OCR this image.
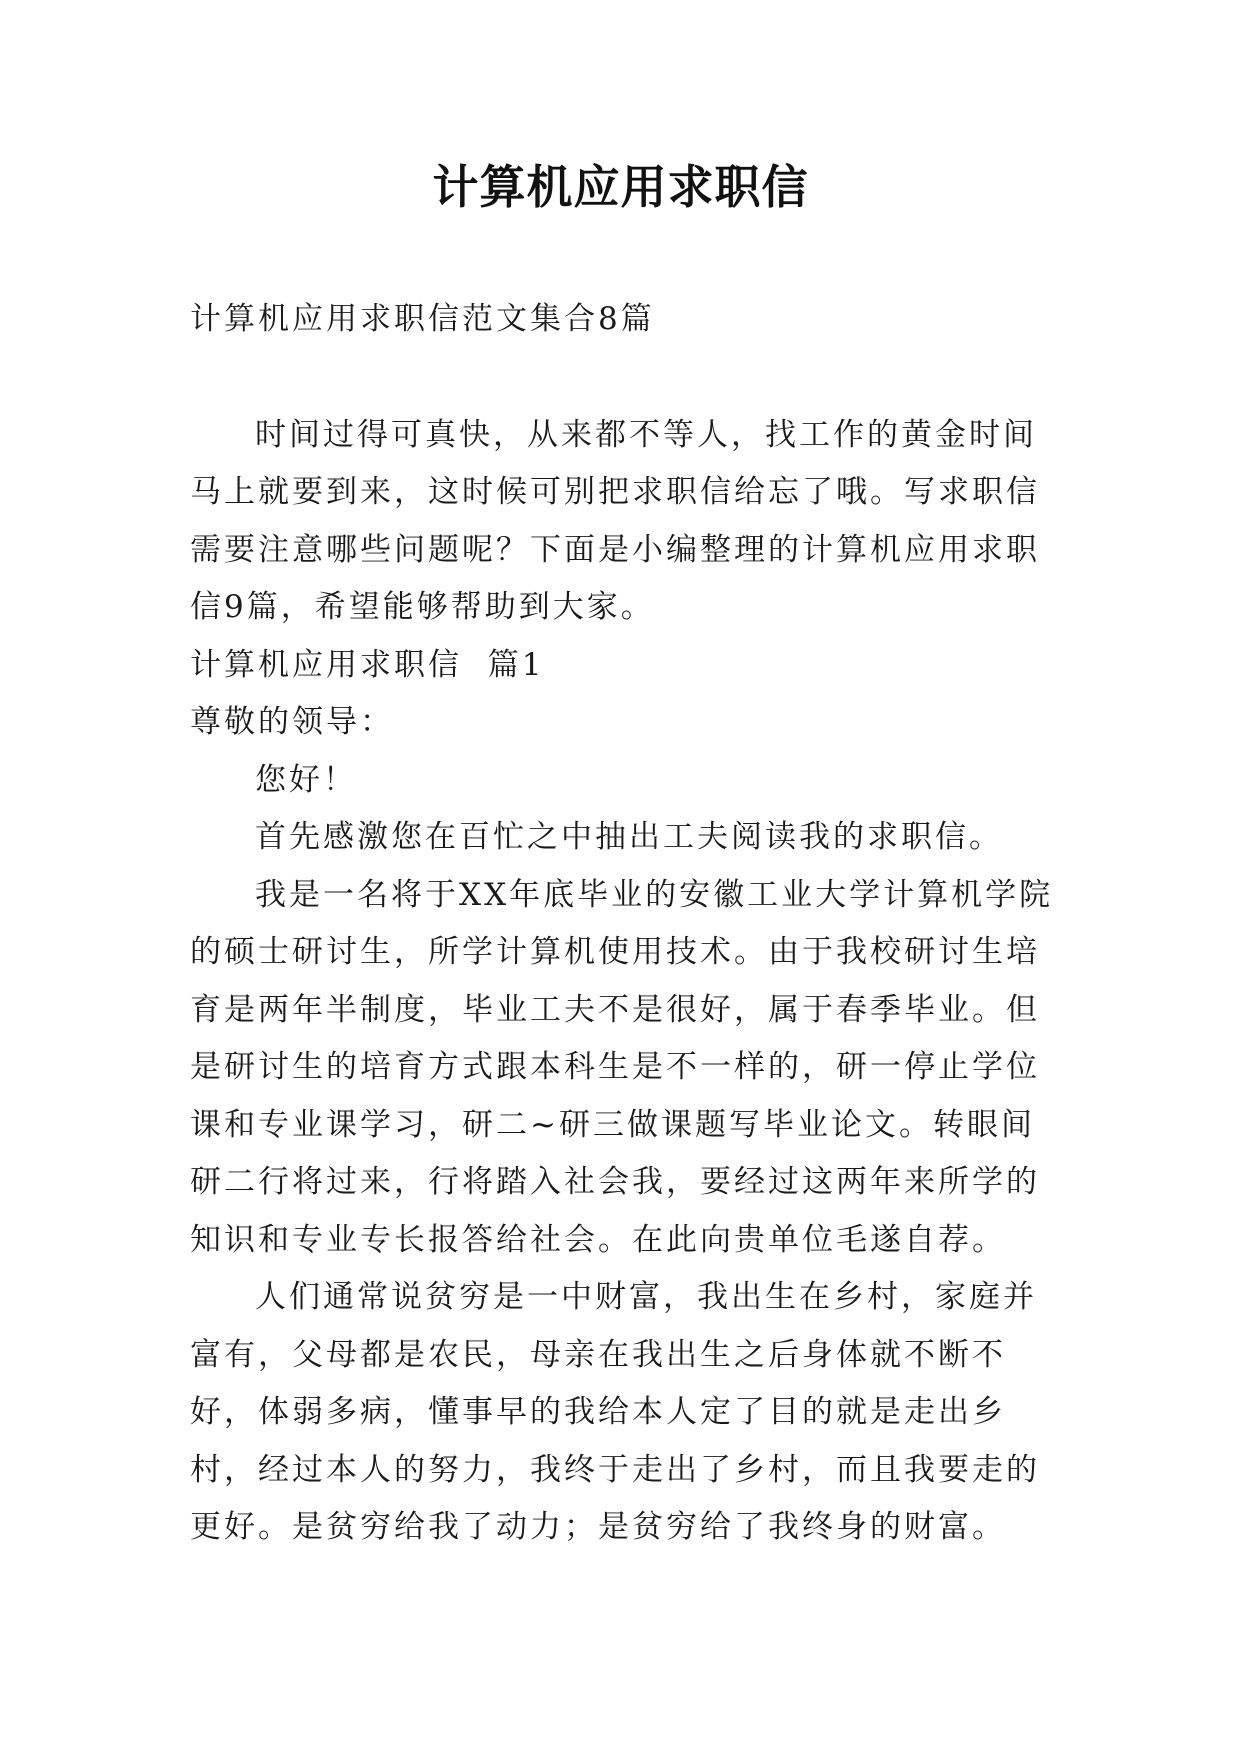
计算机应用求职信

计算机应用求职信范文集合8篇

时间过得可真快，从来都不等人，找工作的黄金时间马上就要到来，这时候可别把求职信给忘了哦。写求职信需要注意哪些问题呢？下面是小编整理的计算机应用求职信9篇，希望能够帮助到大家。

计算机应用求职信  篇1

尊敬的领导：

您好！

首先感激您在百忙之中抽出工夫阅读我的求职信。

我是一名将于XX年底毕业的安徽工业大学计算机学院的硕士研讨生，所学计算机使用技术。由于我校研讨生培育是两年半制度，毕业工夫不是很好，属于春季毕业。但是研讨生的培育方式跟本科生是不一样的，研一停止学位课和专业课学习，研二~研三做课题写毕业论文。转眼间研二行将过来，行将踏入社会我，要经过这两年来所学的知识和专业专长报答给社会。在此向贵单位毛遂自荐。

人们通常说贫穷是一中财富，我出生在乡村，家庭并富有，父母都是农民，母亲在我出生之后身体就不断不好，体弱多病，懂事早的我给本人定了目的就是走出乡村，经过本人的努力，我终于走出了乡村，而且我要走的更好。是贫穷给我了动力；是贫穷给了我终身的财富。
